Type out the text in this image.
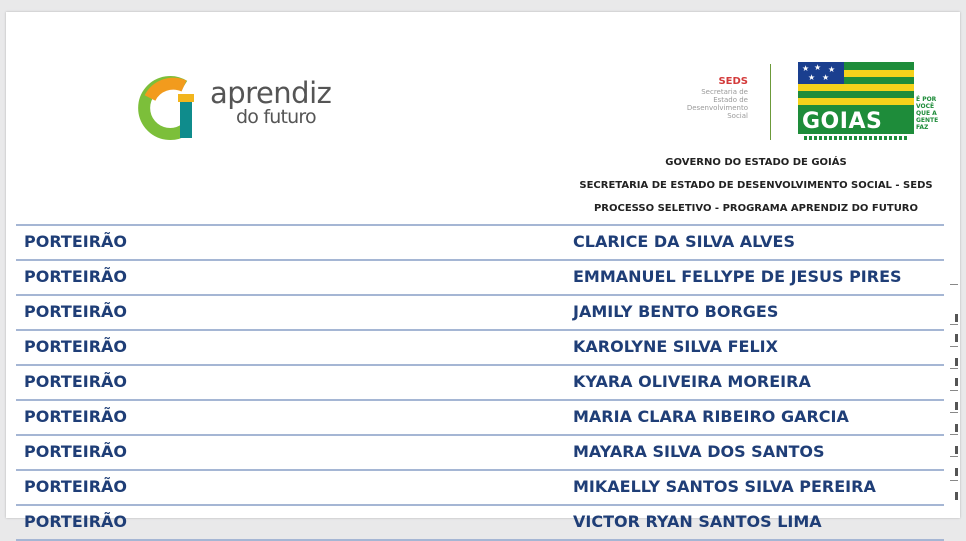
aprendiz
do futuro
SEDS
Secretaria de
Estado de
Desenvolvimento
Social
★ ★ ★
★ ★
GOIAS
É POR
VOCÊ
QUE A
GENTE
FAZ
GOVERNO DO ESTADO DE GOIÁS
SECRETARIA DE ESTADO DE DESENVOLVIMENTO SOCIAL - SEDS
PROCESSO SELETIVO - PROGRAMA APRENDIZ DO FUTURO
PORTEIRÃO	CLARICE DA SILVA ALVES
PORTEIRÃO	EMMANUEL FELLYPE DE JESUS PIRES
PORTEIRÃO	JAMILY BENTO BORGES
PORTEIRÃO	KAROLYNE SILVA FELIX
PORTEIRÃO	KYARA OLIVEIRA MOREIRA
PORTEIRÃO	MARIA CLARA RIBEIRO GARCIA
PORTEIRÃO	MAYARA SILVA DOS SANTOS
PORTEIRÃO	MIKAELLY SANTOS SILVA PEREIRA
PORTEIRÃO	VICTOR RYAN SANTOS LIMA
